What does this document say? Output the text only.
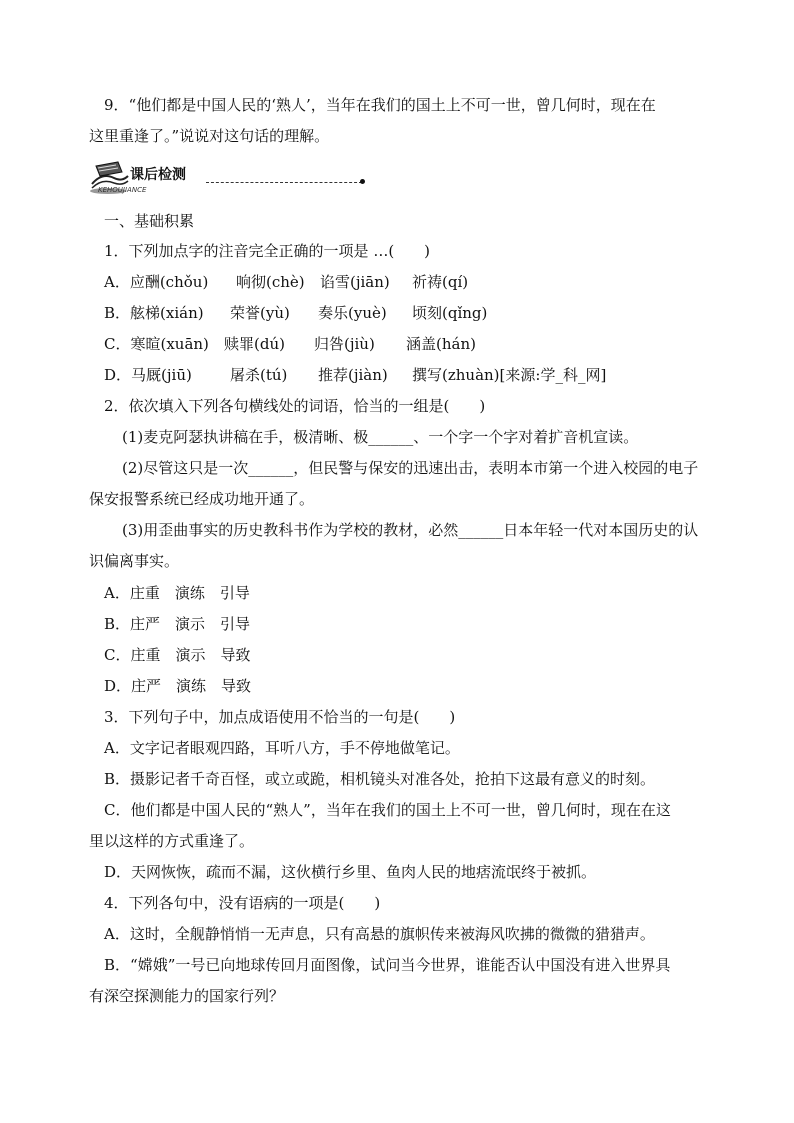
9．“他们都是中国人民的‘熟人’，当年在我们的国土上不可一世，曾几何时，现在在
这里重逢了。”说说对这句话的理解。
课后检测
KEHOUJIANCE
一、基础积累
1．下列加点字的注音完全正确的一项是 …(　　)
A．应酬(chǒu) 响彻(chè) 谄雪(jiān) 祈祷(qí)
B．舷梯(xián) 荣誉(yù) 奏乐(yuè) 顷刻(qǐng)
C．寒暄(xuān) 赎罪(dú) 归咎(jiù) 涵盖(hán)
D．马厩(jiū)	屠杀(tú) 推荐(jiàn) 撰写(zhuàn)[来源:学_科_网]
2．依次填入下列各句横线处的词语，恰当的一组是(　　)
(1)麦克阿瑟执讲稿在手，极清晰、极______、一个字一个字对着扩音机宣读。
(2)尽管这只是一次______，但民警与保安的迅速出击，表明本市第一个进入校园的电子
保安报警系统已经成功地开通了。
(3)用歪曲事实的历史教科书作为学校的教材，必然______日本年轻一代对本国历史的认
识偏离事实。
A．庄重　演练　引导
B．庄严　演示　引导
C．庄重　演示　导致
D．庄严　演练　导致
3．下列句子中，加点成语使用不恰当的一句是(　　)
A．文字记者眼观四路，耳听八方，手不停地做笔记。
B．摄影记者千奇百怪，或立或跪，相机镜头对准各处，抢拍下这最有意义的时刻。
C．他们都是中国人民的“熟人”，当年在我们的国土上不可一世，曾几何时，现在在这
里以这样的方式重逢了。
D．天网恢恢，疏而不漏，这伙横行乡里、鱼肉人民的地痞流氓终于被抓。
4．下列各句中，没有语病的一项是(　　)
A．这时，全舰静悄悄一无声息，只有高悬的旗帜传来被海风吹拂的微微的猎猎声。
B．“嫦娥”一号已向地球传回月面图像，试问当今世界，谁能否认中国没有进入世界具
有深空探测能力的国家行列？
